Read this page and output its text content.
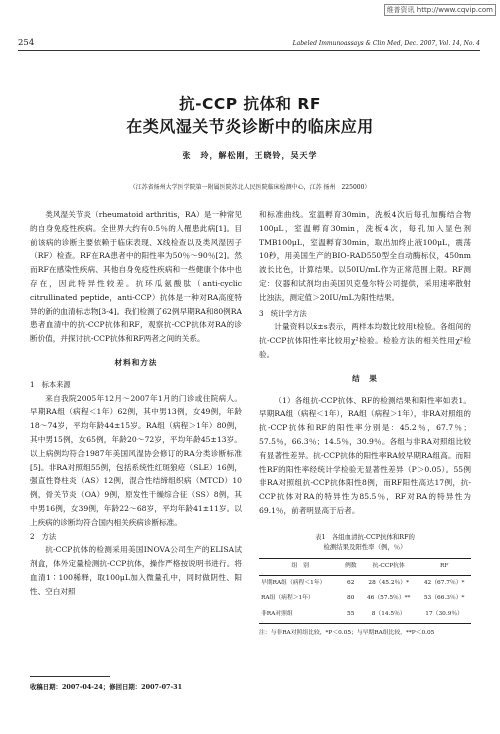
维普资讯 http://www.cqvip.com
254	Labeled Immunoassays & Clin Med, Dec. 2007, Vol. 14, No. 4
抗-CCP 抗体和 RF
在类风湿关节炎诊断中的临床应用
张　玲，解松刚，王晓铃，吴天学
（江苏省扬州大学医学院第一附属医院苏北人民医院临床检测中心，江苏 扬州　225000）

类风湿关节炎（rheumatoid arthritis，RA）是一种常见的自身免疫性疾病。全世界大约有0.5％的人罹患此病[1]。目前该病的诊断主要依赖于临床表现、X线检查以及类风湿因子（RF）检查。RF在RA患者中的阳性率为50％～90％[2]。然而RF在感染性疾病、其他自身免疫性疾病和一些健康个体中也存在，因此特异性较差。抗环瓜氨酸肽（anti-cyclic citrullinated peptide，anti-CCP）抗体是一种对RA高度特异的新的血清标志物[3-4]。我们检测了62例早期RA和80例RA患者血清中的抗-CCP抗体和RF，观察抗-CCP抗体对RA的诊断价值，并探讨抗-CCP抗体和RF两者之间的关系。

材料和方法
1　标本来源

来自我院2005年12月～2007年1月的门诊或住院病人。早期RA组（病程＜1年）62例，其中男13例，女49例，年龄18～74岁，平均年龄44±15岁。RA组（病程＞1年）80例，其中男15例，女65例，年龄20～72岁，平均年龄45±13岁。以上病例均符合1987年美国风湿协会修订的RA分类诊断标准[5]。非RA对照组55例，包括系统性红斑狼疮（SLE）16例，强直性脊柱炎（AS）12例，混合性结缔组织病（MTCD）10例，骨关节炎（OA）9例，原发性干燥综合征（SS）8例，其中男16例，女39例，年龄22～68岁，平均年龄41±11岁。以上疾病的诊断均符合国内相关疾病诊断标准。

2　方法

抗-CCP抗体的检测采用美国INOVA公司生产的ELISA试剂盒，体外定量检测抗-CCP抗体，操作严格按说明书进行。将血清1∶100稀释，取100μL加入微量孔中，同时做阴性、阳性、空白对照

和标准曲线。室温孵育30min，洗板4次后每孔加酶结合物100μL，室温孵育30min，洗板4次，每孔加入显色剂TMB100μL，室温孵育30min，取出加终止液100μL，震荡10秒，用美国生产的BIO-RAD550型全自动酶标仪，450nm波长比色，计算结果。以50IU/mL作为正常范围上限。RF测定：仪器和试剂均由美国贝克曼尔特公司提供，采用速率散射比浊法，测定值＞20IU/mL为阳性结果。

3　统计学方法

计量资料以x̄±s表示，两样本均数比较用t检验。各组间的抗-CCP抗体阳性率比较用χ²检验。检验方法的相关性用χ²检验。

结　果

（1）各组抗-CCP抗体、RF的检测结果和阳性率如表1。早期RA组（病程＜1年），RA组（病程＞1年），非RA对照组的抗-CCP抗体和RF的阳性率分别是：45.2％，67.7％；57.5％，66.3％；14.5％，30.9％。各组与非RA对照组比较有显著性差异。抗-CCP抗体的阳性率RA较早期RA组高。而阳性RF的阳性率经统计学检验无显著性差异（P＞0.05）。55例非RA对照组抗-CCP抗体阳性8例，而RF阳性高达17例，抗-CCP抗体对RA的特异性为85.5％，RF对RA的特异性为69.1％，前者明显高于后者。

表1　各组血清抗-CCP抗体和RF的
检测结果及阳性率（例，％）
组　别	例数	抗-CCP抗体	RF
早期RA组（病程＜1年）	62	28（45.2％）*	42（67.7％）*
RA组（病程＞1年）	80	46（57.5％）**	53（66.3％）*
非RA对照组	55	8（14.5％）	17（30.9％）
注：与非RA对照组比较，*P＜0.05；与早期RA组比较，**P＜0.05
收稿日期：2007-04-24；修回日期：2007-07-31
